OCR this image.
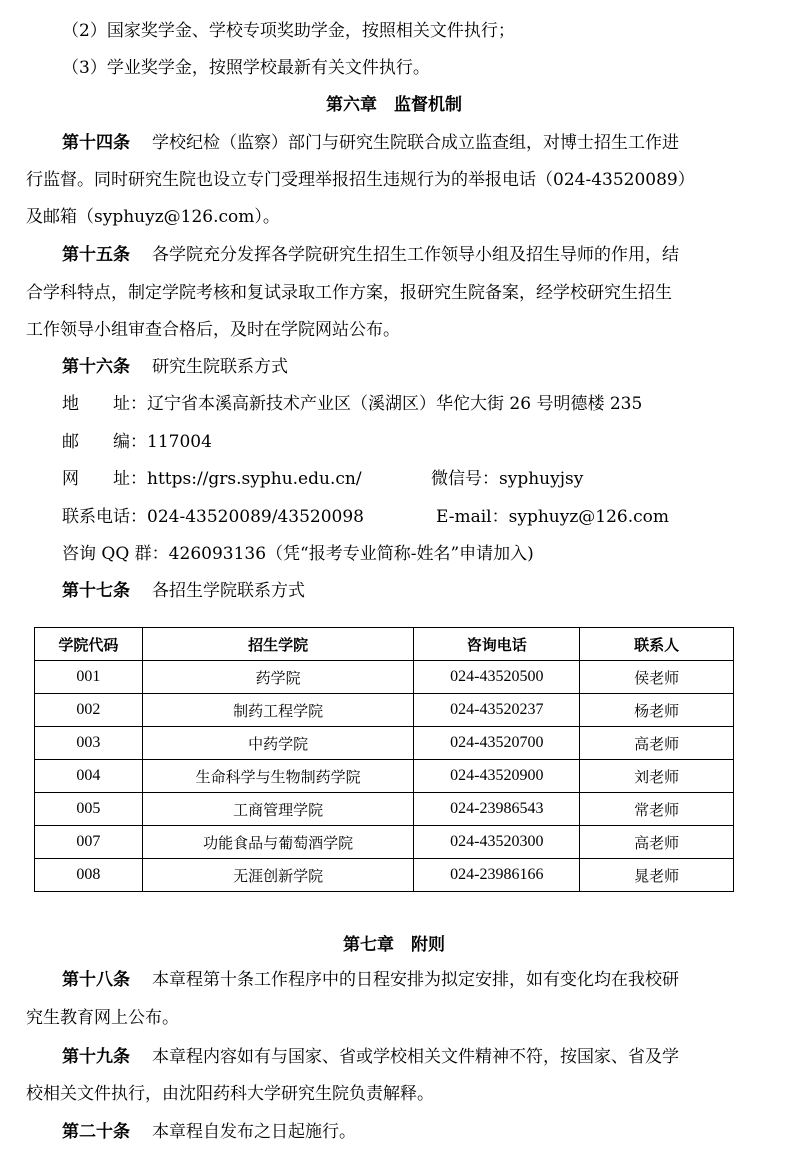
（2）国家奖学金、学校专项奖助学金，按照相关文件执行；
（3）学业奖学金，按照学校最新有关文件执行。
第六章　监督机制
第十四条 学校纪检（监察）部门与研究生院联合成立监查组，对博士招生工作进
行监督。同时研究生院也设立专门受理举报招生违规行为的举报电话（024-43520089）
及邮箱（syphuyz@126.com）。
第十五条 各学院充分发挥各学院研究生招生工作领导小组及招生导师的作用，结
合学科特点，制定学院考核和复试录取工作方案，报研究生院备案，经学校研究生招生
工作领导小组审查合格后，及时在学院网站公布。
第十六条 研究生院联系方式
地　　址：辽宁省本溪高新技术产业区（溪湖区）华佗大街 26 号明德楼 235
邮　　编：117004
网　　址：https://grs.syphu.edu.cn/	微信号：syphuyjsy
联系电话：024-43520089/43520098	E-mail：syphuyz@126.com
咨询 QQ 群：426093136（凭“报考专业简称-姓名”申请加入)
第十七条 各招生学院联系方式
学院代码	招生学院	咨询电话	联系人
001	药学院	024-43520500	侯老师
002	制药工程学院	024-43520237	杨老师
003	中药学院	024-43520700	高老师
004	生命科学与生物制药学院	024-43520900	刘老师
005	工商管理学院	024-23986543	常老师
007	功能食品与葡萄酒学院	024-43520300	高老师
008	无涯创新学院	024-23986166	晁老师
第七章　附则
第十八条 本章程第十条工作程序中的日程安排为拟定安排，如有变化均在我校研
究生教育网上公布。
第十九条 本章程内容如有与国家、省或学校相关文件精神不符，按国家、省及学
校相关文件执行，由沈阳药科大学研究生院负责解释。
第二十条 本章程自发布之日起施行。
